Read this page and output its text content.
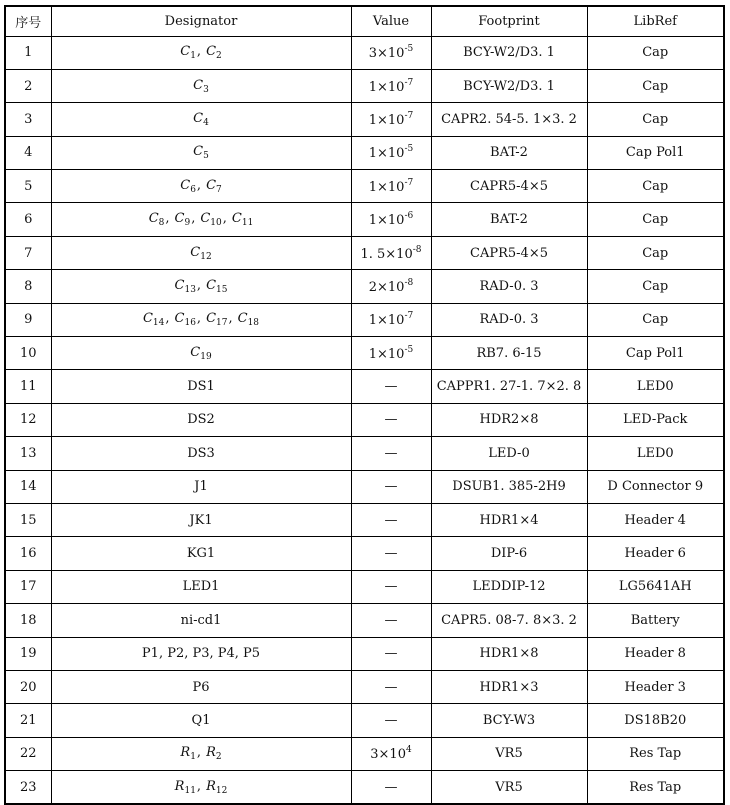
序号	Designator	Value	Footprint	LibRef
1	$C_1$, $C_2$	$3\times 10^{-5}$	BCY-W2/D3. 1	Cap
2	$C_3$	$1\times 10^{-7}$	BCY-W2/D3. 1	Cap
3	$C_4$	$1\times 10^{-7}$	CAPR2. 54-5. 1×3. 2	Cap
4	$C_5$	$1\times 10^{-5}$	BAT-2	Cap Pol1
5	$C_6$, $C_7$	$1\times 10^{-7}$	CAPR5-4×5	Cap
6	$C_8$, $C_9$, $C_{10}$, $C_{11}$	$1\times 10^{-6}$	BAT-2	Cap
7	$C_{12}$	1. $5\times 10^{-8}$	CAPR5-4×5	Cap
8	$C_{13}$, $C_{15}$	$2\times 10^{-8}$	RAD-0. 3	Cap
9	$C_{14}$, $C_{16}$, $C_{17}$, $C_{18}$	$1\times 10^{-7}$	RAD-0. 3	Cap
10	$C_{19}$	$1\times 10^{-5}$	RB7. 6-15	Cap Pol1
11	DS1	—	CAPPR1. 27-1. 7×2. 8	LED0
12	DS2	—	HDR2×8	LED-Pack
13	DS3	—	LED-0	LED0
14	J1	—	DSUB1. 385-2H9	D Connector 9
15	JK1	—	HDR1×4	Header 4
16	KG1	—	DIP-6	Header 6
17	LED1	—	LEDDIP-12	LG5641AH
18	ni-cd1	—	CAPR5. 08-7. 8×3. 2	Battery
19	P1, P2, P3, P4, P5	—	HDR1×8	Header 8
20	P6	—	HDR1×3	Header 3
21	Q1	—	BCY-W3	DS18B20
22	$R_1$, $R_2$	$3\times 10^4$	VR5	Res Tap
23	$R_{11}$, $R_{12}$	—	VR5	Res Tap
